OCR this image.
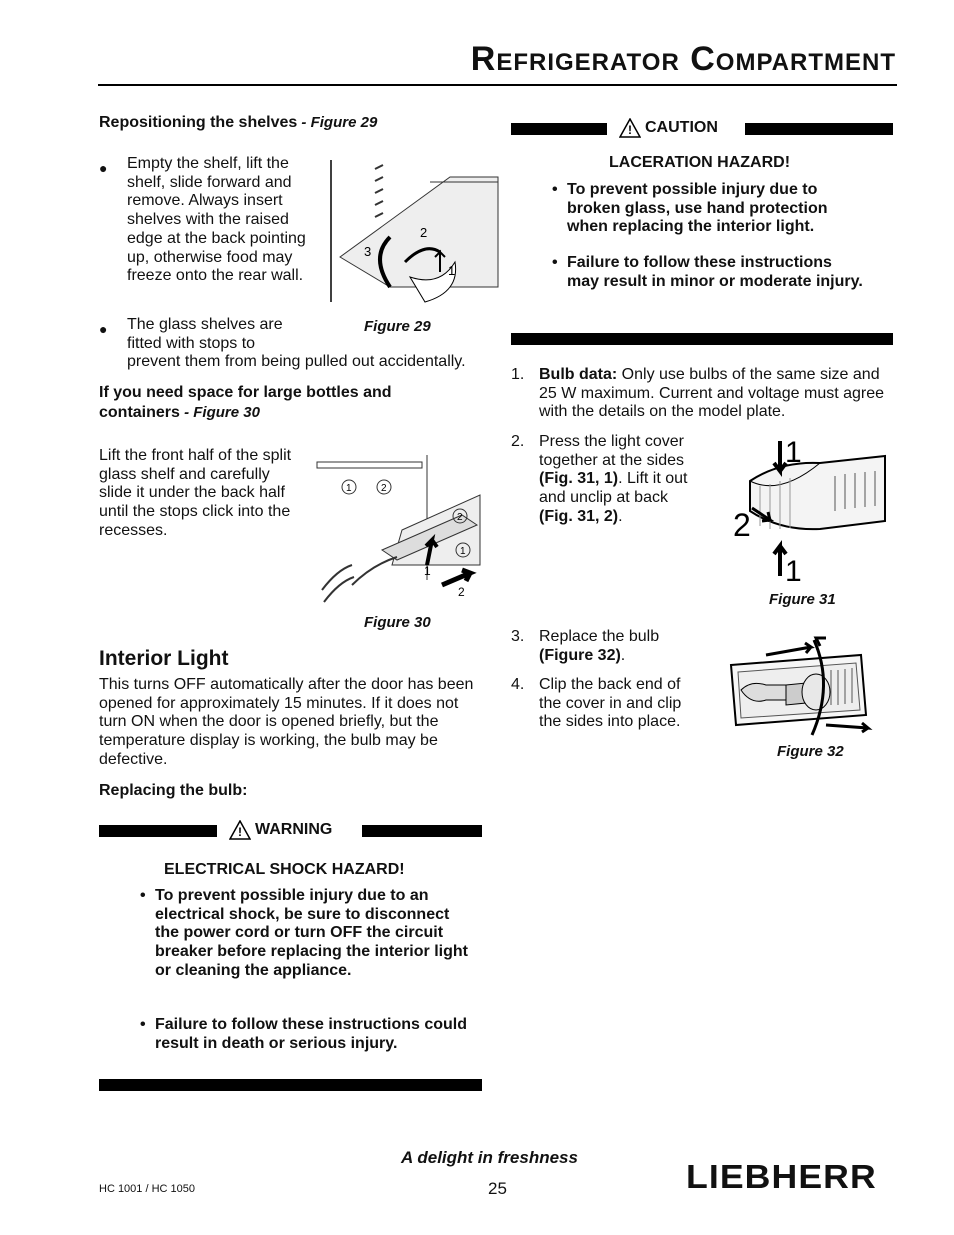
Refrigerator Compartment
Repositioning the shelves - Figure 29
● Empty the shelf, lift the shelf, slide forward and remove. Always insert shelves with the raised edge at the back pointing up, otherwise food may freeze onto the rear wall.
3
2
1
● The glass shelves are fitted with stops to
Figure 29
prevent them from being pulled out accidentally.
If you need space for large bottles and containers - Figure 30
Lift the front half of the split glass shelf and carefully slide it under the back half until the stops click into the recesses.
1	2
2
1
1
2
Figure 30
Interior Light
This turns OFF automatically after the door has been opened for approximately 15 minutes. If it does not turn ON when the door is opened briefly, but the temperature display is working, the bulb may be defective.
Replacing the bulb:
! WARNING
ELECTRICAL SHOCK HAZARD!
• To prevent possible injury due to an electrical shock, be sure to disconnect the power cord or turn OFF the circuit breaker before replacing the interior light or cleaning the appliance.
• Failure to follow these instructions could result in death or serious injury.
! CAUTION
LACERATION HAZARD!
• To prevent possible injury due to broken glass, use hand protection when replacing the interior light.
• Failure to follow these instructions may result in minor or moderate injury.
1. Bulb data: Only use bulbs of the same size and 25 W maximum. Current and voltage must agree with the details on the model plate.
2. Press the light cover together at the sides (Fig. 31, 1). Lift it out and unclip at back (Fig. 31, 2).
1
1
2
Figure 31
3. Replace the bulb (Figure 32).
4. Clip the back end of the cover in and clip the sides into place.
Figure 32
A delight in freshness
HC 1001 / HC 1050	25	LIEBHERR
